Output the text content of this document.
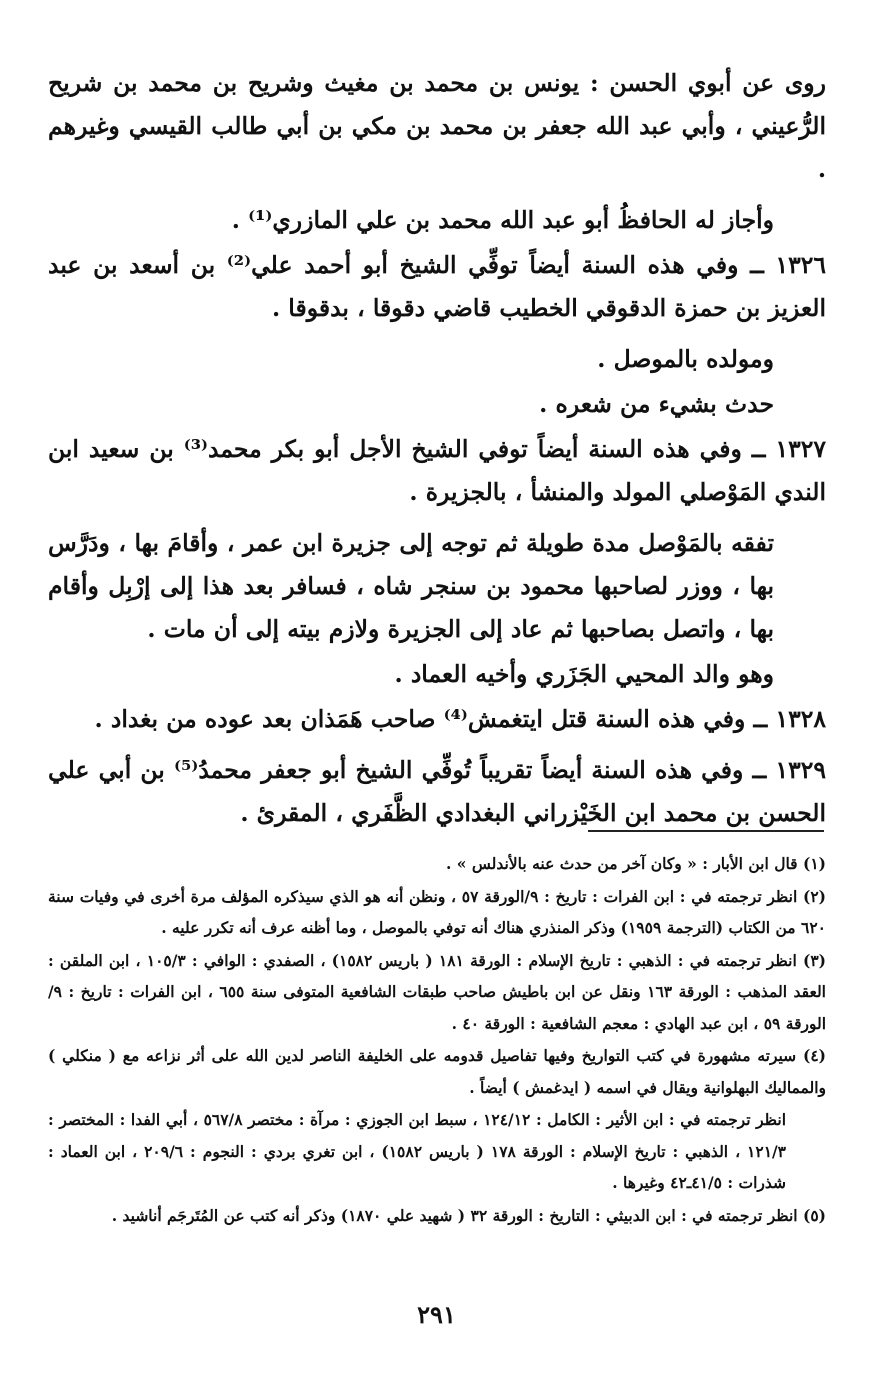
روى عن أبوي الحسن : يونس بن محمد بن مغيث وشريح بن محمد بن شريح الرُّعيني ، وأبي عبد الله جعفر بن محمد بن مكي بن أبي طالب القيسي وغيرهم .

وأجاز له الحافظُ أبو عبد الله محمد بن علي المازري⁽¹⁾ .

١٣٢٦ ــ وفي هذه السنة أيضاً توفِّي الشيخ أبو أحمد علي⁽²⁾ بن أسعد بن عبد العزيز بن حمزة الدقوقي الخطيب قاضي دقوقا ، بدقوقا .

ومولده بالموصل .

حدث بشيء من شعره .

١٣٢٧ ــ وفي هذه السنة أيضاً توفي الشيخ الأجل أبو بكر محمد⁽³⁾ بن سعيد ابن الندي المَوْصلي المولد والمنشأ ، بالجزيرة .

تفقه بالمَوْصل مدة طويلة ثم توجه إلى جزيرة ابن عمر ، وأقامَ بها ، ودَرَّس بها ، ووزر لصاحبها محمود بن سنجر شاه ، فسافر بعد هذا إلى إرْبِل وأقام بها ، واتصل بصاحبها ثم عاد إلى الجزيرة ولازم بيته إلى أن مات .

وهو والد المحيي الجَزَري وأخيه العماد .

١٣٢٨ ــ وفي هذه السنة قتل ايتغمش⁽⁴⁾ صاحب هَمَذان بعد عوده من بغداد .

١٣٢٩ ــ وفي هذه السنة أيضاً تقريباً تُوفِّي الشيخ أبو جعفر محمدُ⁽⁵⁾ بن أبي علي الحسن بن محمد ابن الخَيْزراني البغدادي الظَّفَري ، المقرئ .

(١) قال ابن الأبار : « وكان آخر من حدث عنه بالأندلس » .

(٢) انظر ترجمته في : ابن الفرات : تاريخ : ٩/الورقة ٥٧ ، ونظن أنه هو الذي سيذكره المؤلف مرة أخرى في وفيات سنة ٦٢٠ من الكتاب (الترجمة ١٩٥٩) وذكر المنذري هناك أنه توفي بالموصل ، وما أظنه عرف أنه تكرر عليه .

(٣) انظر ترجمته في : الذهبي : تاريخ الإسلام : الورقة ١٨١ ( باريس ١٥٨٢) ، الصفدي : الوافي : ١٠٥/٣ ، ابن الملقن : العقد المذهب : الورقة ١٦٣ ونقل عن ابن باطيش صاحب طبقات الشافعية المتوفى سنة ٦٥٥ ، ابن الفرات : تاريخ : ٩/الورقة ٥٩ ، ابن عبد الهادي : معجم الشافعية : الورقة ٤٠ .

(٤) سيرته مشهورة في كتب التواريخ وفيها تفاصيل قدومه على الخليفة الناصر لدين الله على أثر نزاعه مع ( منكلي ) والمماليك البهلوانية ويقال في اسمه ( ايدغمش ) أيضاً .

انظر ترجمته في : ابن الأثير : الكامل : ١٢٤/١٢ ، سبط ابن الجوزي : مرآة : مختصر ٥٦٧/٨ ، أبي الفدا : المختصر : ١٢١/٣ ، الذهبي : تاريخ الإسلام : الورقة ١٧٨ ( باريس ١٥٨٢) ، ابن تغري بردي : النجوم : ٢٠٩/٦ ، ابن العماد : شذرات : ٤١/٥ـ٤٢ وغيرها .

(٥) انظر ترجمته في : ابن الدبيثي : التاريخ : الورقة ٣٢ ( شهيد علي ١٨٧٠) وذكر أنه كتب عن المُتَرجَم أناشيد .

٢٩١
